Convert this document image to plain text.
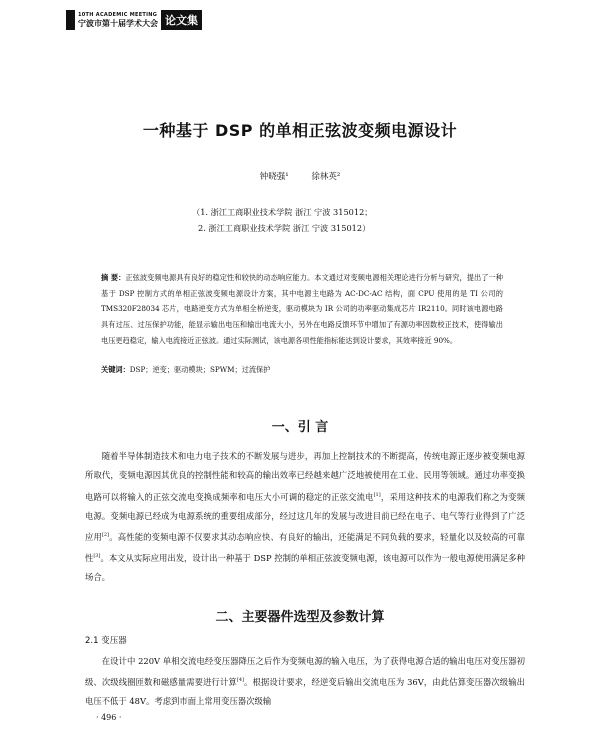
10TH ACADEMIC MEETING
宁波市第十届学术大会 论文集
一种基于 DSP 的单相正弦波变频电源设计
钟晓强¹	徐林英²
（1. 浙江工商职业技术学院 浙江 宁波 315012；
2. 浙江工商职业技术学院 浙江 宁波 315012）
摘 要：正弦波变频电源具有良好的稳定性和较快的动态响应能力。本文通过对变频电源相关理论进行分析与研究，提出了一种基于 DSP 控制方式的单相正弦波变频电源设计方案，其中电源主电路为 AC-DC-AC 结构，面 CPU 使用的是 TI 公司的 TMS320F28034 芯片，电路逆变方式为单相全桥逆变，驱动模块为 IR 公司的功率驱动集成芯片 IR2110。同时该电源电路具有过压、过压保护功能，能显示输出电压和输出电流大小，另外在电路反馈环节中增加了有源功率因数校正技术，使得输出电压更趋稳定，输入电流接近正弦波。通过实际测试，该电源各项性能指标能达到设计要求，其效率接近 90%。
关键词：DSP；逆变；驱动模块；SPWM；过流保护
一、引 言

随着半导体制造技术和电力电子技术的不断发展与进步，再加上控制技术的不断提高，传统电源正逐步被变频电源所取代，变频电源因其优良的控制性能和较高的输出效率已经越来越广泛地被使用在工业、民用等领域。通过功率变换电路可以将输入的正弦交流电变换成频率和电压大小可调的稳定的正弦交流电[1]，采用这种技术的电源我们称之为变频电源。变频电源已经成为电源系统的重要组成部分，经过这几年的发展与改进目前已经在电子、电气等行业得到了广泛应用[2]。高性能的变频电源不仅要求其动态响应快、有良好的输出，还能满足不同负载的要求，轻量化以及较高的可靠性[3]。本文从实际应用出发，设计出一种基于 DSP 控制的单相正弦波变频电源，该电源可以作为一般电源使用满足多种场合。

二、主要器件选型及参数计算
2.1 变压器

在设计中 220V 单相交流电经变压器降压之后作为变频电源的输入电压，为了获得电源合适的输出电压对变压器初级、次级线圈匝数和磁感量需要进行计算[4]。根据设计要求，经逆变后输出交流电压为 36V，由此估算变压器次级输出电压不低于 48V。考虑到市面上常用变压器次级输

· 496 ·
